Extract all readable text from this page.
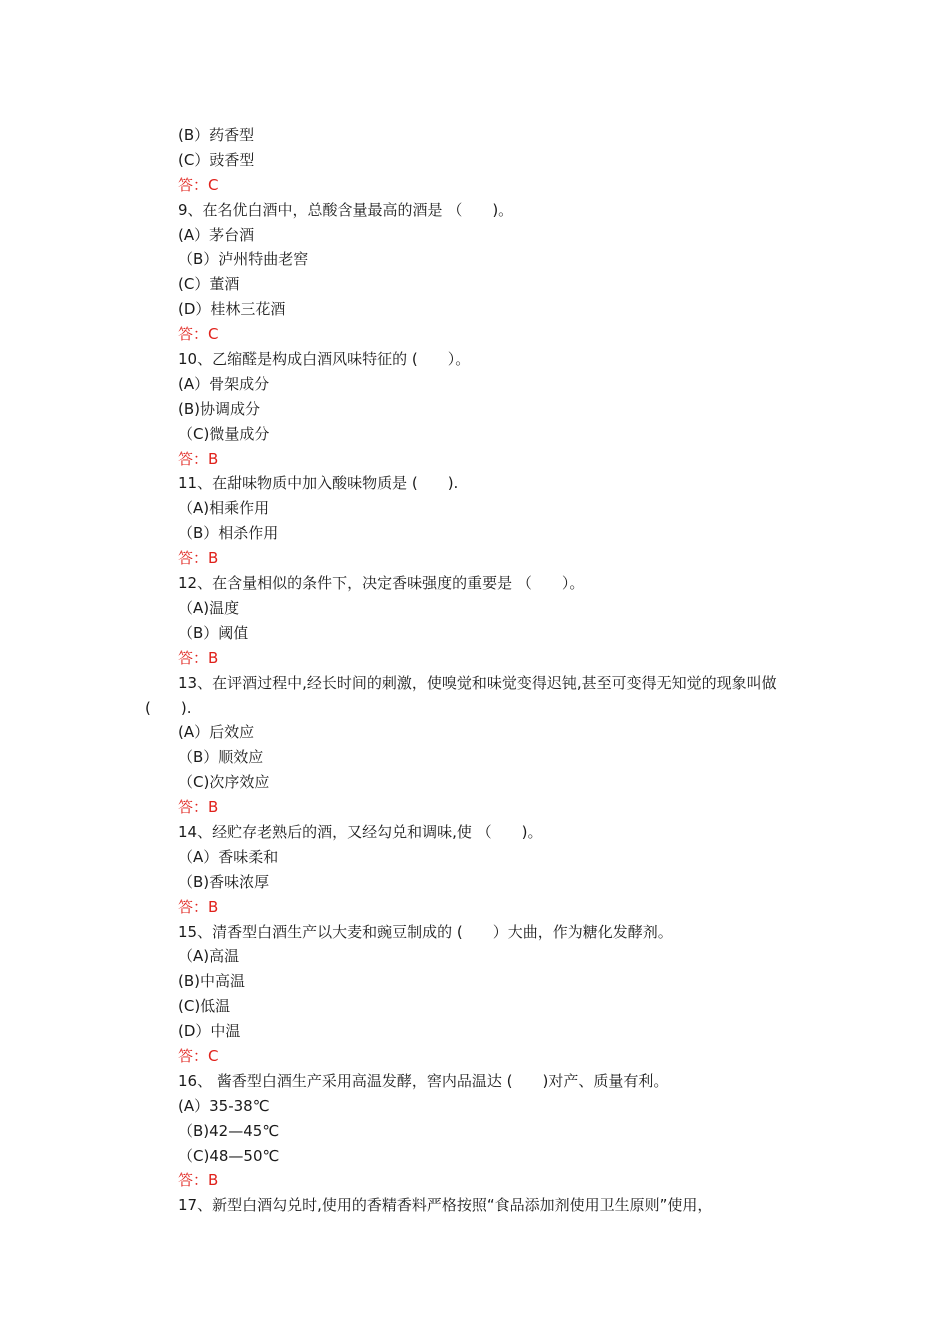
(B）药香型
(C）豉香型
答：C
9、在名优白酒中，总酸含量最高的酒是 （　　)。
(A）茅台酒
（B）泸州特曲老窖
(C）董酒
(D）桂林三花酒
答：C
10、乙缩醛是构成白酒风味特征的 (　　）。
(A）骨架成分
(B)协调成分
（C)微量成分
答：B
11、在甜味物质中加入酸味物质是 (　　).
（A)相乘作用
（B）相杀作用
答：B
12、在含量相似的条件下，决定香味强度的重要是 （　　）。
（A)温度
（B）阈值
答：B
13、在评酒过程中,经长时间的刺激，使嗅觉和味觉变得迟钝,甚至可变得无知觉的现象叫做 (　　).
(A）后效应
（B）顺效应
（C)次序效应
答：B
14、经贮存老熟后的酒，又经勾兑和调味,使 （　　)。
（A）香味柔和
（B)香味浓厚
答：B
15、清香型白酒生产以大麦和豌豆制成的 (　　）大曲，作为糖化发酵剂。
（A)高温
(B)中高温
(C)低温
(D）中温
答：C
16、 酱香型白酒生产采用高温发酵，窖内品温达 (　　)对产、质量有利。
(A）35-38℃
（B)42—45℃
（C)48—50℃
答：B
17、新型白酒勾兑时,使用的香精香料严格按照“食品添加剂使用卫生原则”使用，
